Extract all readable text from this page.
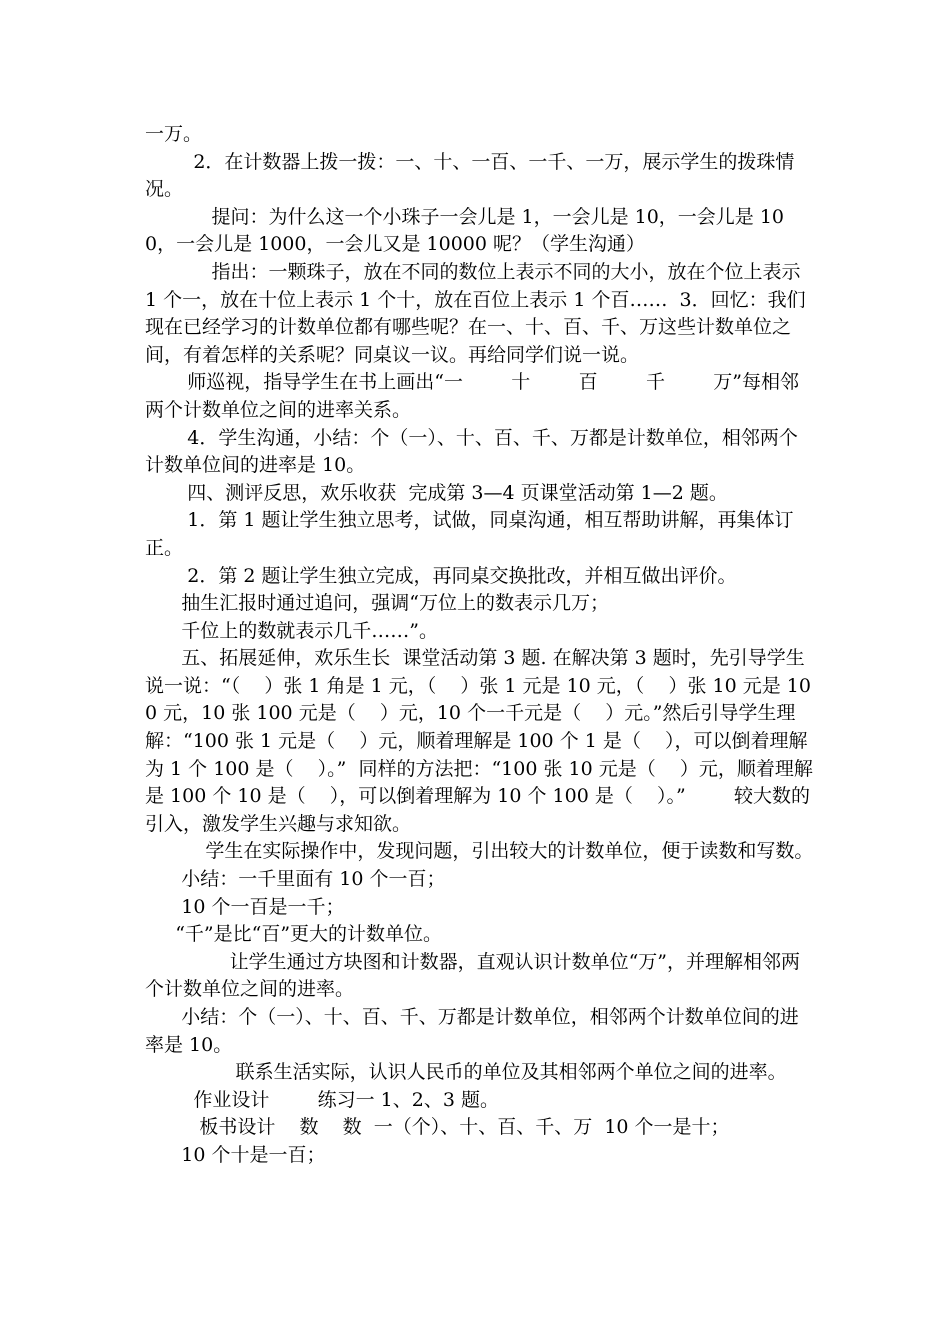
一万。

2．在计数器上拨一拨：一、十、一百、一千、一万，展示学生的拨珠情况。

提问：为什么这一个小珠子一会儿是 1，一会儿是 10，一会儿是 100，一会儿是 1000，一会儿又是 10000 呢？（学生沟通）

指出：一颗珠子，放在不同的数位上表示不同的大小，放在个位上表示 1 个一，放在十位上表示 1 个十，放在百位上表示 1 个百……  3．回忆：我们现在已经学习的计数单位都有哪些呢？在一、十、百、千、万这些计数单位之间，有着怎样的关系呢？同桌议一议。再给同学们说一说。

师巡视，指导学生在书上画出“一        十        百        千        万”每相邻两个计数单位之间的进率关系。

4．学生沟通，小结：个（一）、十、百、千、万都是计数单位，相邻两个计数单位间的进率是 10。

四、测评反思，欢乐收获  完成第 3—4 页课堂活动第 1—2 题。

1．第 1 题让学生独立思考，试做，同桌沟通，相互帮助讲解，再集体订正。

2．第 2 题让学生独立完成，再同桌交换批改，并相互做出评价。

抽生汇报时通过追问，强调“万位上的数表示几万；

千位上的数就表示几千……”。

五、拓展延伸，欢乐生长  课堂活动第 3 题. 在解决第 3 题时，先引导学生说一说：“（    ）张 1 角是 1 元，（    ）张 1 元是 10 元，（    ）张 10 元是 100 元，10 张 100 元是（    ）元，10 个一千元是（    ）元。”然后引导学生理解：“100 张 1 元是（    ）元，顺着理解是 100 个 1 是（    ），可以倒着理解为 1 个 100 是（    ）。”  同样的方法把：“100 张 10 元是（    ）元，顺着理解是 100 个 10 是（    ），可以倒着理解为 10 个 100 是（    ）。”        较大数的引入，激发学生兴趣与求知欲。

学生在实际操作中，发现问题，引出较大的计数单位，便于读数和写数。

小结：一千里面有 10 个一百；

10 个一百是一千；

“千”是比“百”更大的计数单位。

让学生通过方块图和计数器，直观认识计数单位“万”，并理解相邻两个计数单位之间的进率。

小结：个（一）、十、百、千、万都是计数单位，相邻两个计数单位间的进率是 10。

联系生活实际，认识人民币的单位及其相邻两个单位之间的进率。

作业设计        练习一 1、2、3 题。

板书设计    数    数  一（个）、十、百、千、万  10 个一是十；

10 个十是一百；
